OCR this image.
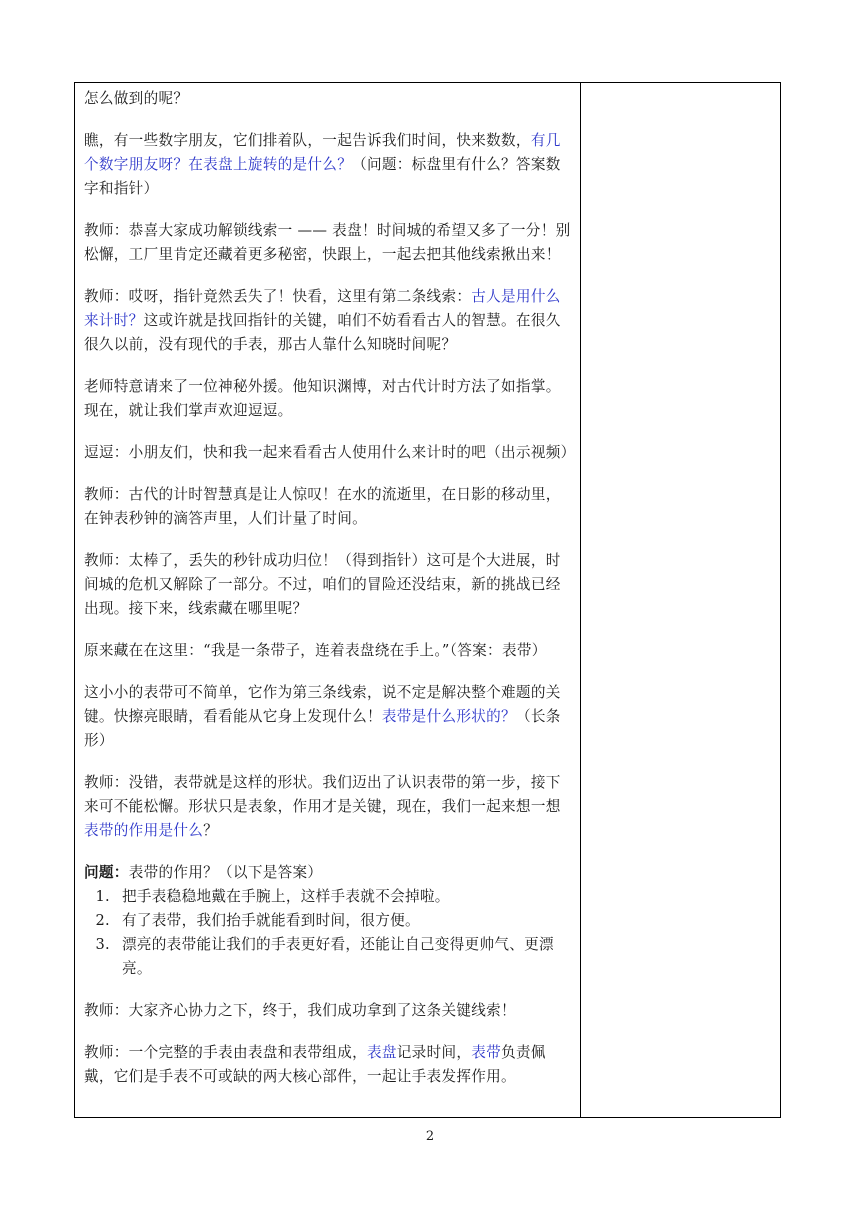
怎么做到的呢？

瞧，有一些数字朋友，它们排着队，一起告诉我们时间，快来数数，有几个数字朋友呀？在表盘上旋转的是什么？（问题：标盘里有什么？答案数字和指针）

教师：恭喜大家成功解锁线索一 —— 表盘！时间城的希望又多了一分！别松懈，工厂里肯定还藏着更多秘密，快跟上，一起去把其他线索揪出来！

教师：哎呀，指针竟然丢失了！快看，这里有第二条线索：古人是用什么来计时？这或许就是找回指针的关键，咱们不妨看看古人的智慧。在很久很久以前，没有现代的手表，那古人靠什么知晓时间呢？

老师特意请来了一位神秘外援。他知识渊博，对古代计时方法了如指掌。现在，就让我们掌声欢迎逗逗。

逗逗：小朋友们，快和我一起来看看古人使用什么来计时的吧（出示视频）

教师：古代的计时智慧真是让人惊叹！在水的流逝里，在日影的移动里，在钟表秒钟的滴答声里，人们计量了时间。

教师：太棒了，丢失的秒针成功归位！（得到指针）这可是个大进展，时间城的危机又解除了一部分。不过，咱们的冒险还没结束，新的挑战已经出现。接下来，线索藏在哪里呢？

原来藏在在这里：“我是一条带子，连着表盘绕在手上。”（答案：表带）

这小小的表带可不简单，它作为第三条线索，说不定是解决整个难题的关键。快擦亮眼睛，看看能从它身上发现什么！表带是什么形状的？（长条形）

教师：没错，表带就是这样的形状。我们迈出了认识表带的第一步，接下来可不能松懈。形状只是表象，作用才是关键，现在，我们一起来想一想表带的作用是什么？

问题：表带的作用？（以下是答案）

1. 把手表稳稳地戴在手腕上，这样手表就不会掉啦。
2. 有了表带，我们抬手就能看到时间，很方便。
3. 漂亮的表带能让我们的手表更好看，还能让自己变得更帅气、更漂亮。

教师：大家齐心协力之下，终于，我们成功拿到了这条关键线索！

教师：一个完整的手表由表盘和表带组成，表盘记录时间，表带负责佩戴，它们是手表不可或缺的两大核心部件，一起让手表发挥作用。

2
